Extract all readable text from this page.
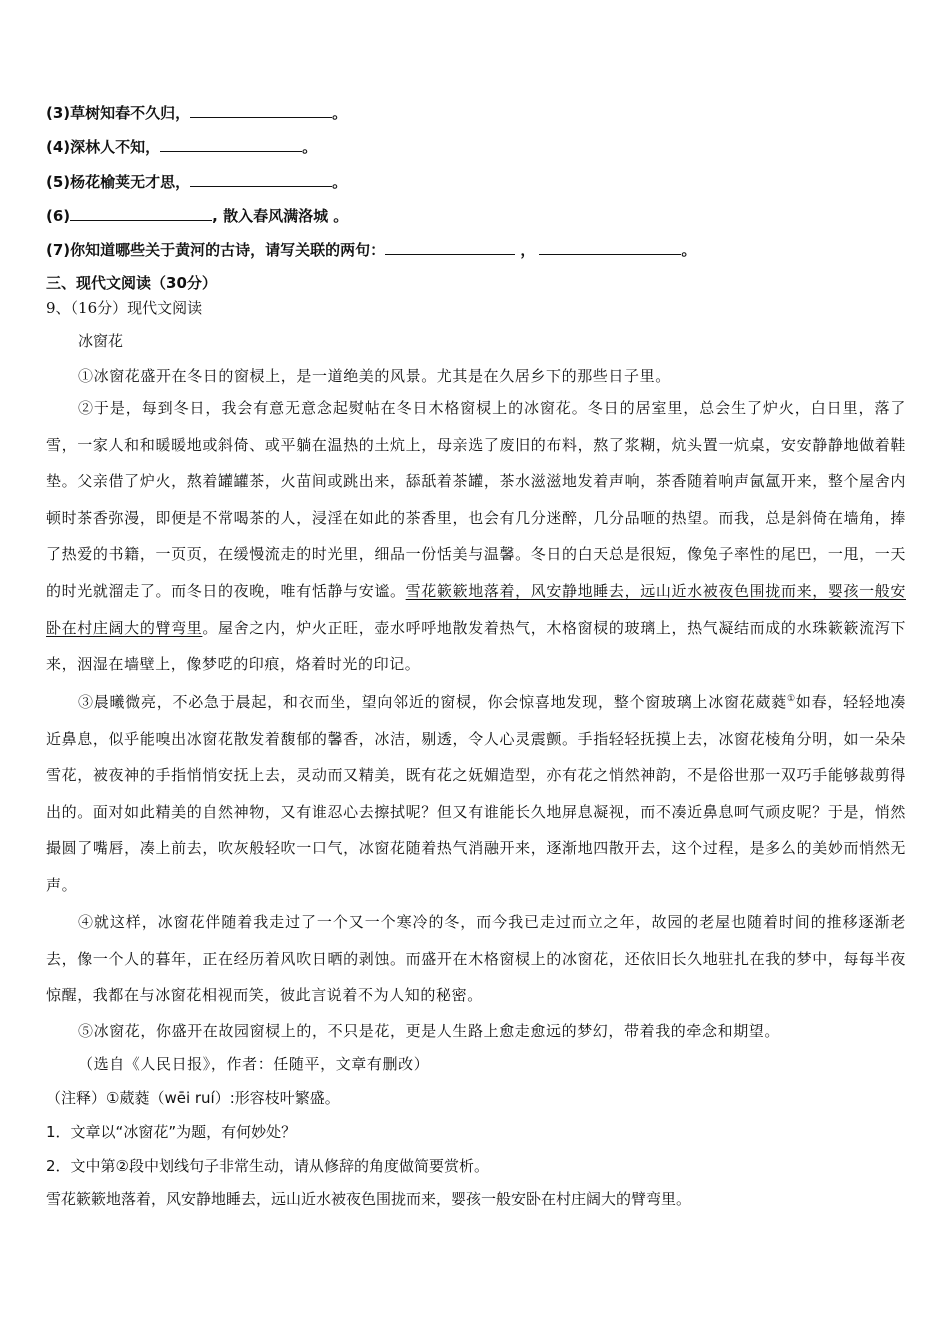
(3)草树知春不久归，	。
(4)深林人不知，	。
(5)杨花榆荚无才思，	。
(6)	, 散入春风满洛城 。
(7)你知道哪些关于黄河的古诗，请写关联的两句：	，	。
三、现代文阅读（30分）
9、（16分）现代文阅读
冰窗花
①冰窗花盛开在冬日的窗棂上，是一道绝美的风景。尤其是在久居乡下的那些日子里。
②于是，每到冬日，我会有意无意念起熨帖在冬日木格窗棂上的冰窗花。冬日的居室里，总会生了炉火，白日里，落了雪，一家人和和暖暖地或斜倚、或平躺在温热的土炕上，母亲选了废旧的布料，熬了浆糊，炕头置一炕桌，安安静静地做着鞋垫。父亲借了炉火，熬着罐罐茶，火苗间或跳出来，舔舐着茶罐，茶水滋滋地发着声响，茶香随着响声氤氲开来，整个屋舍内顿时茶香弥漫，即便是不常喝茶的人，浸淫在如此的茶香里，也会有几分迷醉，几分品咂的热望。而我，总是斜倚在墙角，捧了热爱的书籍，一页页，在缓慢流走的时光里，细品一份恬美与温馨。冬日的白天总是很短，像兔子率性的尾巴，一甩，一天的时光就溜走了。而冬日的夜晚，唯有恬静与安谧。雪花簌簌地落着，风安静地睡去，远山近水被夜色围拢而来，婴孩一般安卧在村庄阔大的臂弯里。屋舍之内，炉火正旺，壶水呼呼地散发着热气，木格窗棂的玻璃上，热气凝结而成的水珠簌簌流泻下来，洇湿在墙壁上，像梦呓的印痕，烙着时光的印记。
③晨曦微亮，不必急于晨起，和衣而坐，望向邻近的窗棂，你会惊喜地发现，整个窗玻璃上冰窗花葳蕤①如春，轻轻地凑近鼻息，似乎能嗅出冰窗花散发着馥郁的馨香，冰洁，剔透，令人心灵震颤。手指轻轻抚摸上去，冰窗花棱角分明，如一朵朵雪花，被夜神的手指悄悄安抚上去，灵动而又精美，既有花之妩媚造型，亦有花之悄然神韵，不是俗世那一双巧手能够裁剪得出的。面对如此精美的自然神物，又有谁忍心去擦拭呢？但又有谁能长久地屏息凝视，而不凑近鼻息呵气顽皮呢？于是，悄然撮圆了嘴唇，凑上前去，吹灰般轻吹一口气，冰窗花随着热气消融开来，逐渐地四散开去，这个过程，是多么的美妙而悄然无声。
④就这样，冰窗花伴随着我走过了一个又一个寒冷的冬，而今我已走过而立之年，故园的老屋也随着时间的推移逐渐老去，像一个人的暮年，正在经历着风吹日晒的剥蚀。而盛开在木格窗棂上的冰窗花，还依旧长久地驻扎在我的梦中，每每半夜惊醒，我都在与冰窗花相视而笑，彼此言说着不为人知的秘密。
⑤冰窗花，你盛开在故园窗棂上的，不只是花，更是人生路上愈走愈远的梦幻，带着我的牵念和期望。
（选自《人民日报》，作者：任随平，文章有删改）
（注释）①葳蕤（wēi ruí）:形容枝叶繁盛。
1．文章以“冰窗花”为题，有何妙处？
2．文中第②段中划线句子非常生动，请从修辞的角度做简要赏析。
雪花簌簌地落着，风安静地睡去，远山近水被夜色围拢而来，婴孩一般安卧在村庄阔大的臂弯里。
